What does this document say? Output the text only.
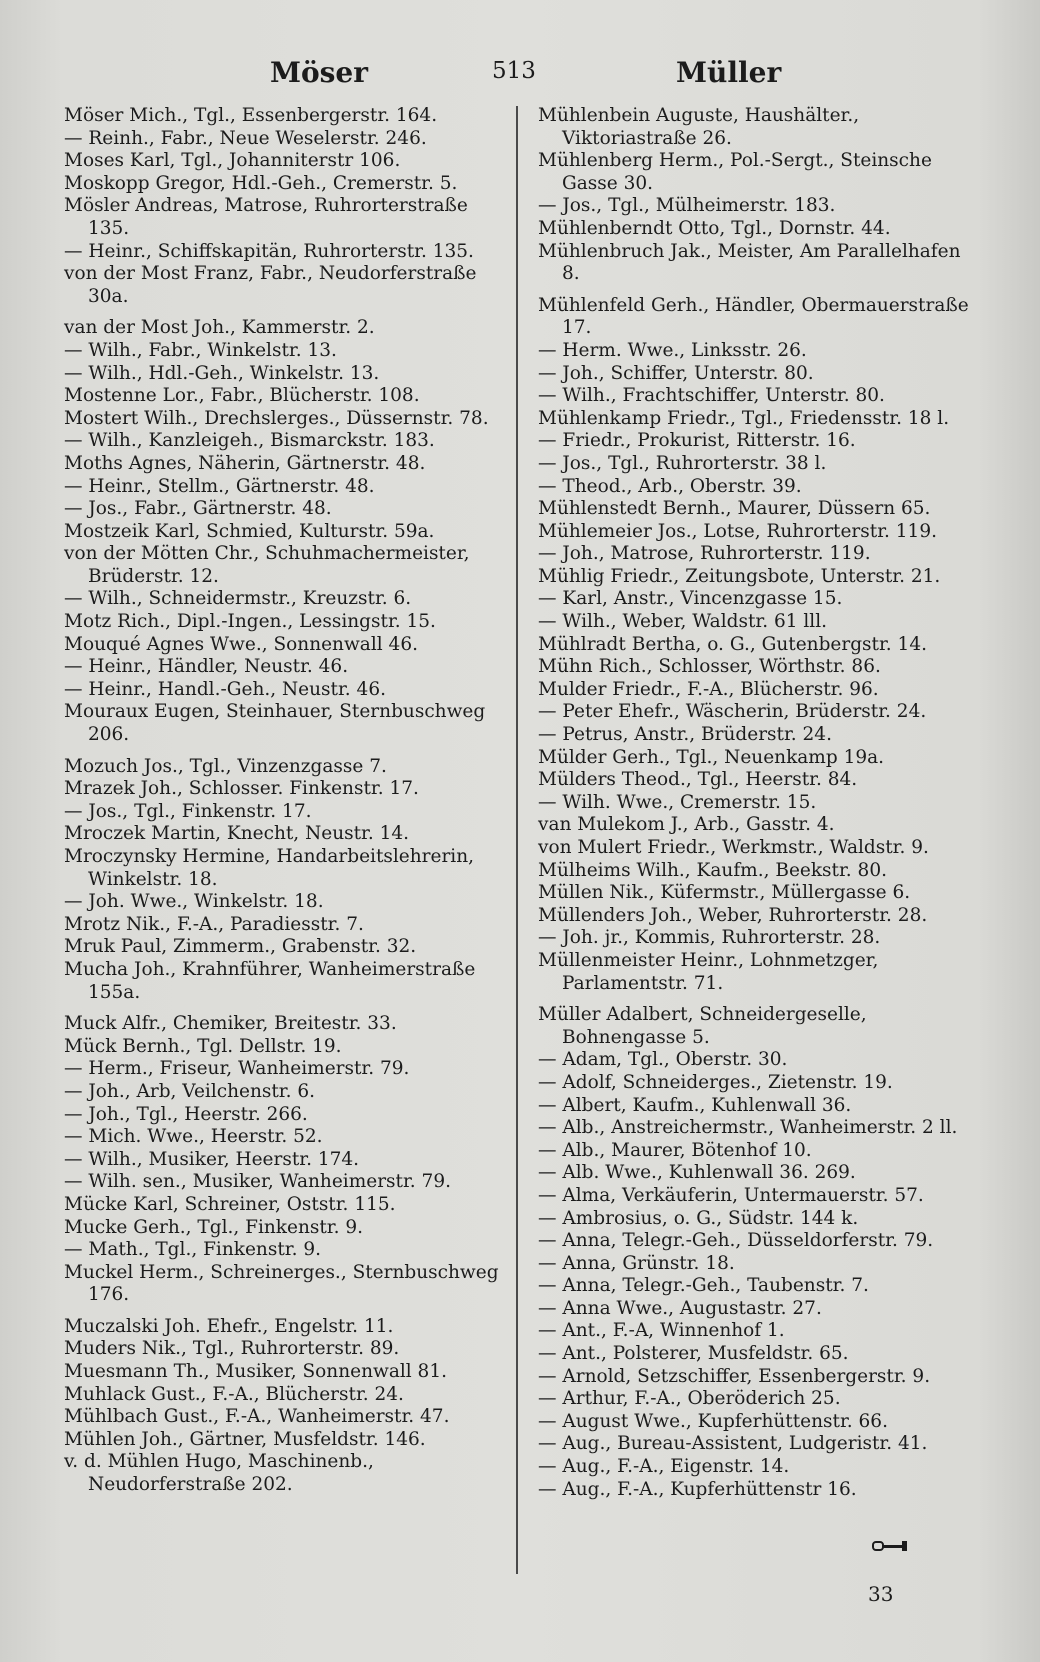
Möser	513	Müller
Möser Mich., Tgl., Essenbergerstr. 164.
— Reinh., Fabr., Neue Weselerstr. 246.
Moses Karl, Tgl., Johanniterstr 106.
Moskopp Gregor, Hdl.-Geh., Cremerstr. 5.
Mösler Andreas, Matrose, Ruhrorterstraße 135.
— Heinr., Schiffskapitän, Ruhrorterstr. 135.
von der Most Franz, Fabr., Neudorferstraße 30a.
van der Most Joh., Kammerstr. 2.
— Wilh., Fabr., Winkelstr. 13.
— Wilh., Hdl.-Geh., Winkelstr. 13.
Mostenne Lor., Fabr., Blücherstr. 108.
Mostert Wilh., Drechslerges., Düssernstr. 78.
— Wilh., Kanzleigeh., Bismarckstr. 183.
Moths Agnes, Näherin, Gärtnerstr. 48.
— Heinr., Stellm., Gärtnerstr. 48.
— Jos., Fabr., Gärtnerstr. 48.
Mostzeik Karl, Schmied, Kulturstr. 59a.
von der Mötten Chr., Schuhmachermeister, Brüderstr. 12.
— Wilh., Schneidermstr., Kreuzstr. 6.
Motz Rich., Dipl.-Ingen., Lessingstr. 15.
Mouqué Agnes Wwe., Sonnenwall 46.
— Heinr., Händler, Neustr. 46.
— Heinr., Handl.-Geh., Neustr. 46.
Mouraux Eugen, Steinhauer, Sternbuschweg 206.
Mozuch Jos., Tgl., Vinzenzgasse 7.
Mrazek Joh., Schlosser. Finkenstr. 17.
— Jos., Tgl., Finkenstr. 17.
Mroczek Martin, Knecht, Neustr. 14.
Mroczynsky Hermine, Handarbeitslehrerin, Winkelstr. 18.
— Joh. Wwe., Winkelstr. 18.
Mrotz Nik., F.-A., Paradiesstr. 7.
Mruk Paul, Zimmerm., Grabenstr. 32.
Mucha Joh., Krahnführer, Wanheimerstraße 155a.
Muck Alfr., Chemiker, Breitestr. 33.
Mück Bernh., Tgl. Dellstr. 19.
— Herm., Friseur, Wanheimerstr. 79.
— Joh., Arb, Veilchenstr. 6.
— Joh., Tgl., Heerstr. 266.
— Mich. Wwe., Heerstr. 52.
— Wilh., Musiker, Heerstr. 174.
— Wilh. sen., Musiker, Wanheimerstr. 79.
Mücke Karl, Schreiner, Oststr. 115.
Mucke Gerh., Tgl., Finkenstr. 9.
— Math., Tgl., Finkenstr. 9.
Muckel Herm., Schreinerges., Sternbuschweg 176.
Muczalski Joh. Ehefr., Engelstr. 11.
Muders Nik., Tgl., Ruhrorterstr. 89.
Muesmann Th., Musiker, Sonnenwall 81.
Muhlack Gust., F.-A., Blücherstr. 24.
Mühlbach Gust., F.-A., Wanheimerstr. 47.
Mühlen Joh., Gärtner, Musfeldstr. 146.
v. d. Mühlen Hugo, Maschinenb., Neudorferstraße 202.
Mühlenbein Auguste, Haushälter., Viktoriastraße 26.
Mühlenberg Herm., Pol.-Sergt., Steinsche Gasse 30.
— Jos., Tgl., Mülheimerstr. 183.
Mühlenberndt Otto, Tgl., Dornstr. 44.
Mühlenbruch Jak., Meister, Am Parallelhafen 8.
Mühlenfeld Gerh., Händler, Obermauerstraße 17.
— Herm. Wwe., Linksstr. 26.
— Joh., Schiffer, Unterstr. 80.
— Wilh., Frachtschiffer, Unterstr. 80.
Mühlenkamp Friedr., Tgl., Friedensstr. 18 l.
— Friedr., Prokurist, Ritterstr. 16.
— Jos., Tgl., Ruhrorterstr. 38 l.
— Theod., Arb., Oberstr. 39.
Mühlenstedt Bernh., Maurer, Düssern 65.
Mühlemeier Jos., Lotse, Ruhrorterstr. 119.
— Joh., Matrose, Ruhrorterstr. 119.
Mühlig Friedr., Zeitungsbote, Unterstr. 21.
— Karl, Anstr., Vincenzgasse 15.
— Wilh., Weber, Waldstr. 61 lll.
Mühlradt Bertha, o. G., Gutenbergstr. 14.
Mühn Rich., Schlosser, Wörthstr. 86.
Mulder Friedr., F.-A., Blücherstr. 96.
— Peter Ehefr., Wäscherin, Brüderstr. 24.
— Petrus, Anstr., Brüderstr. 24.
Mülder Gerh., Tgl., Neuenkamp 19a.
Mülders Theod., Tgl., Heerstr. 84.
— Wilh. Wwe., Cremerstr. 15.
van Mulekom J., Arb., Gasstr. 4.
von Mulert Friedr., Werkmstr., Waldstr. 9.
Mülheims Wilh., Kaufm., Beekstr. 80.
Müllen Nik., Küfermstr., Müllergasse 6.
Müllenders Joh., Weber, Ruhrorterstr. 28.
— Joh. jr., Kommis, Ruhrorterstr. 28.
Müllenmeister Heinr., Lohnmetzger, Parlamentstr. 71.
Müller Adalbert, Schneidergeselle, Bohnengasse 5.
— Adam, Tgl., Oberstr. 30.
— Adolf, Schneiderges., Zietenstr. 19.
— Albert, Kaufm., Kuhlenwall 36.
— Alb., Anstreichermstr., Wanheimerstr. 2 ll.
— Alb., Maurer, Bötenhof 10.
— Alb. Wwe., Kuhlenwall 36. 269.
— Alma, Verkäuferin, Untermauerstr. 57.
— Ambrosius, o. G., Südstr. 144 k.
— Anna, Telegr.-Geh., Düsseldorferstr. 79.
— Anna, Grünstr. 18.
— Anna, Telegr.-Geh., Taubenstr. 7.
— Anna Wwe., Augustastr. 27.
— Ant., F.-A, Winnenhof 1.
— Ant., Polsterer, Musfeldstr. 65.
— Arnold, Setzschiffer, Essenbergerstr. 9.
— Arthur, F.-A., Oberöderich 25.
— August Wwe., Kupferhüttenstr. 66.
— Aug., Bureau-Assistent, Ludgeristr. 41.
— Aug., F.-A., Eigenstr. 14.
— Aug., F.-A., Kupferhüttenstr 16.
33
